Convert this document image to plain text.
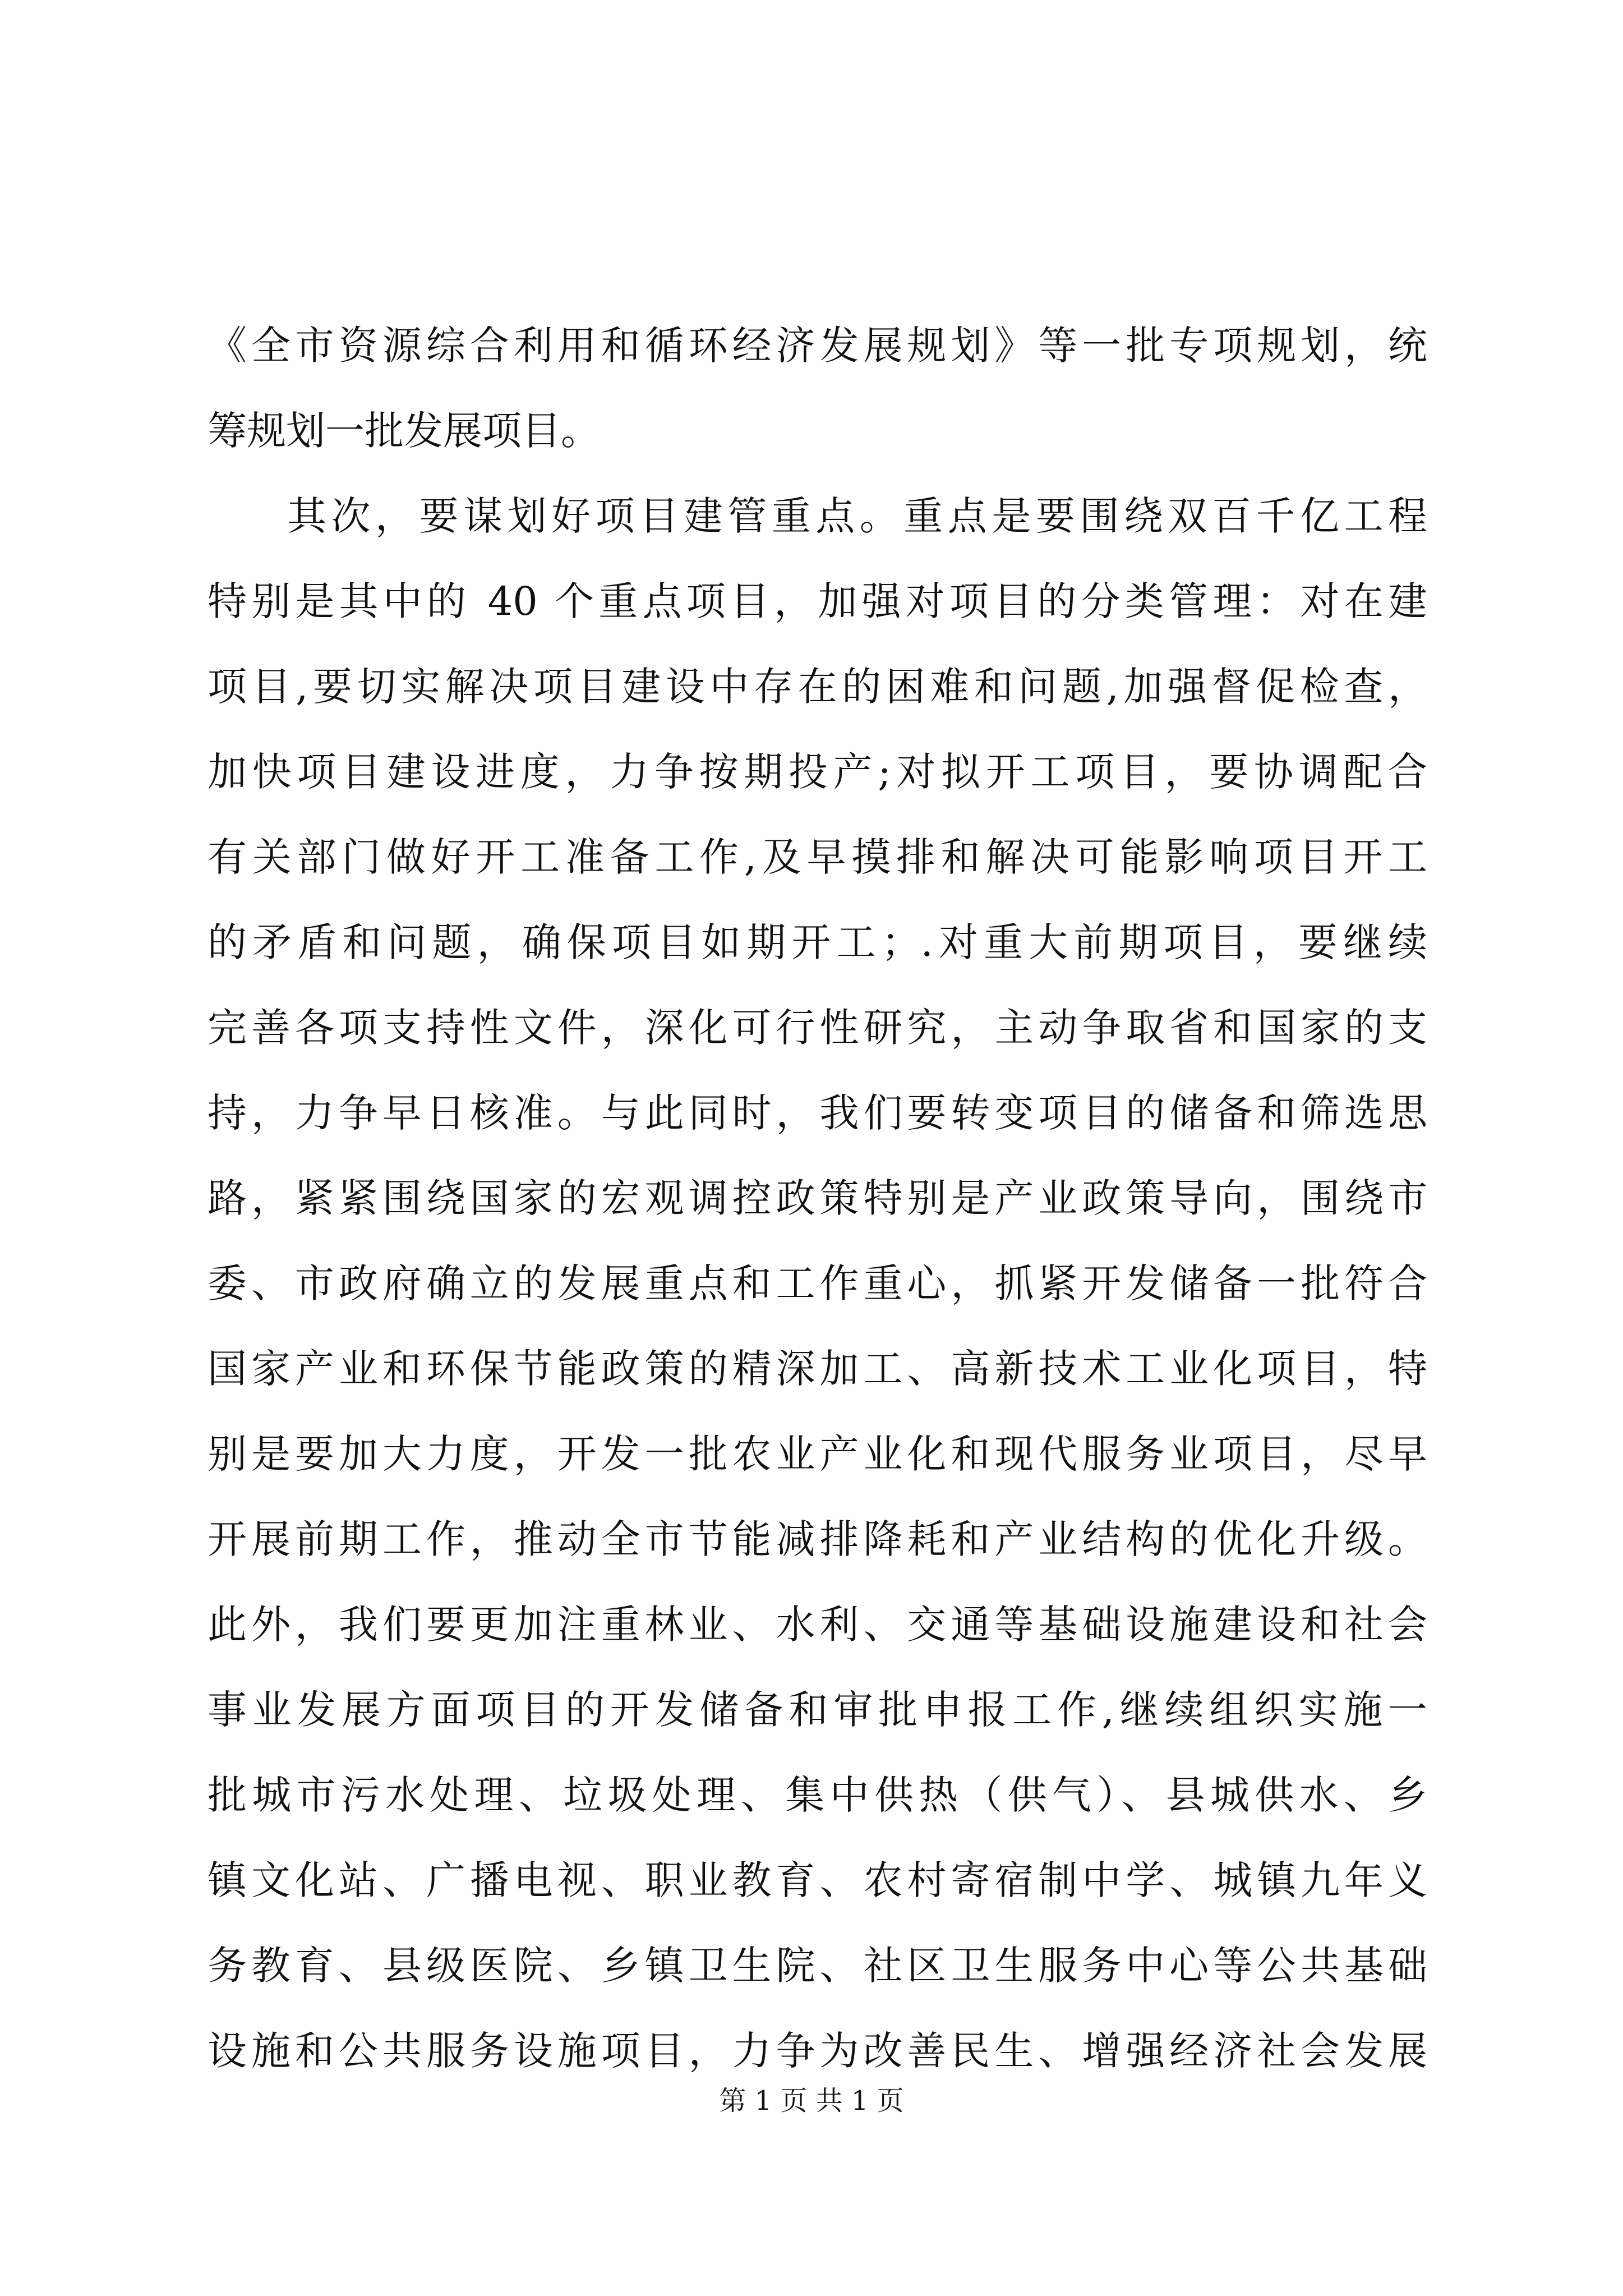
《全市资源综合利用和循环经济发展规划》等一批专项规划，统
筹规划一批发展项目。
其次，要谋划好项目建管重点。重点是要围绕双百千亿工程
特别是其中的 40 个重点项目，加强对项目的分类管理：对在建
项目,要切实解决项目建设中存在的困难和问题,加强督促检查，
加快项目建设进度，力争按期投产;对拟开工项目，要协调配合
有关部门做好开工准备工作,及早摸排和解决可能影响项目开工
的矛盾和问题，确保项目如期开工；.对重大前期项目，要继续
完善各项支持性文件，深化可行性研究，主动争取省和国家的支
持，力争早日核准。与此同时，我们要转变项目的储备和筛选思
路，紧紧围绕国家的宏观调控政策特别是产业政策导向，围绕市
委、市政府确立的发展重点和工作重心，抓紧开发储备一批符合
国家产业和环保节能政策的精深加工、高新技术工业化项目，特
别是要加大力度，开发一批农业产业化和现代服务业项目，尽早
开展前期工作，推动全市节能减排降耗和产业结构的优化升级。
此外，我们要更加注重林业、水利、交通等基础设施建设和社会
事业发展方面项目的开发储备和审批申报工作,继续组织实施一
批城市污水处理、垃圾处理、集中供热（供气）、县城供水、乡
镇文化站、广播电视、职业教育、农村寄宿制中学、城镇九年义
务教育、县级医院、乡镇卫生院、社区卫生服务中心等公共基础
设施和公共服务设施项目，力争为改善民生、增强经济社会发展
第 1 页 共 1 页
